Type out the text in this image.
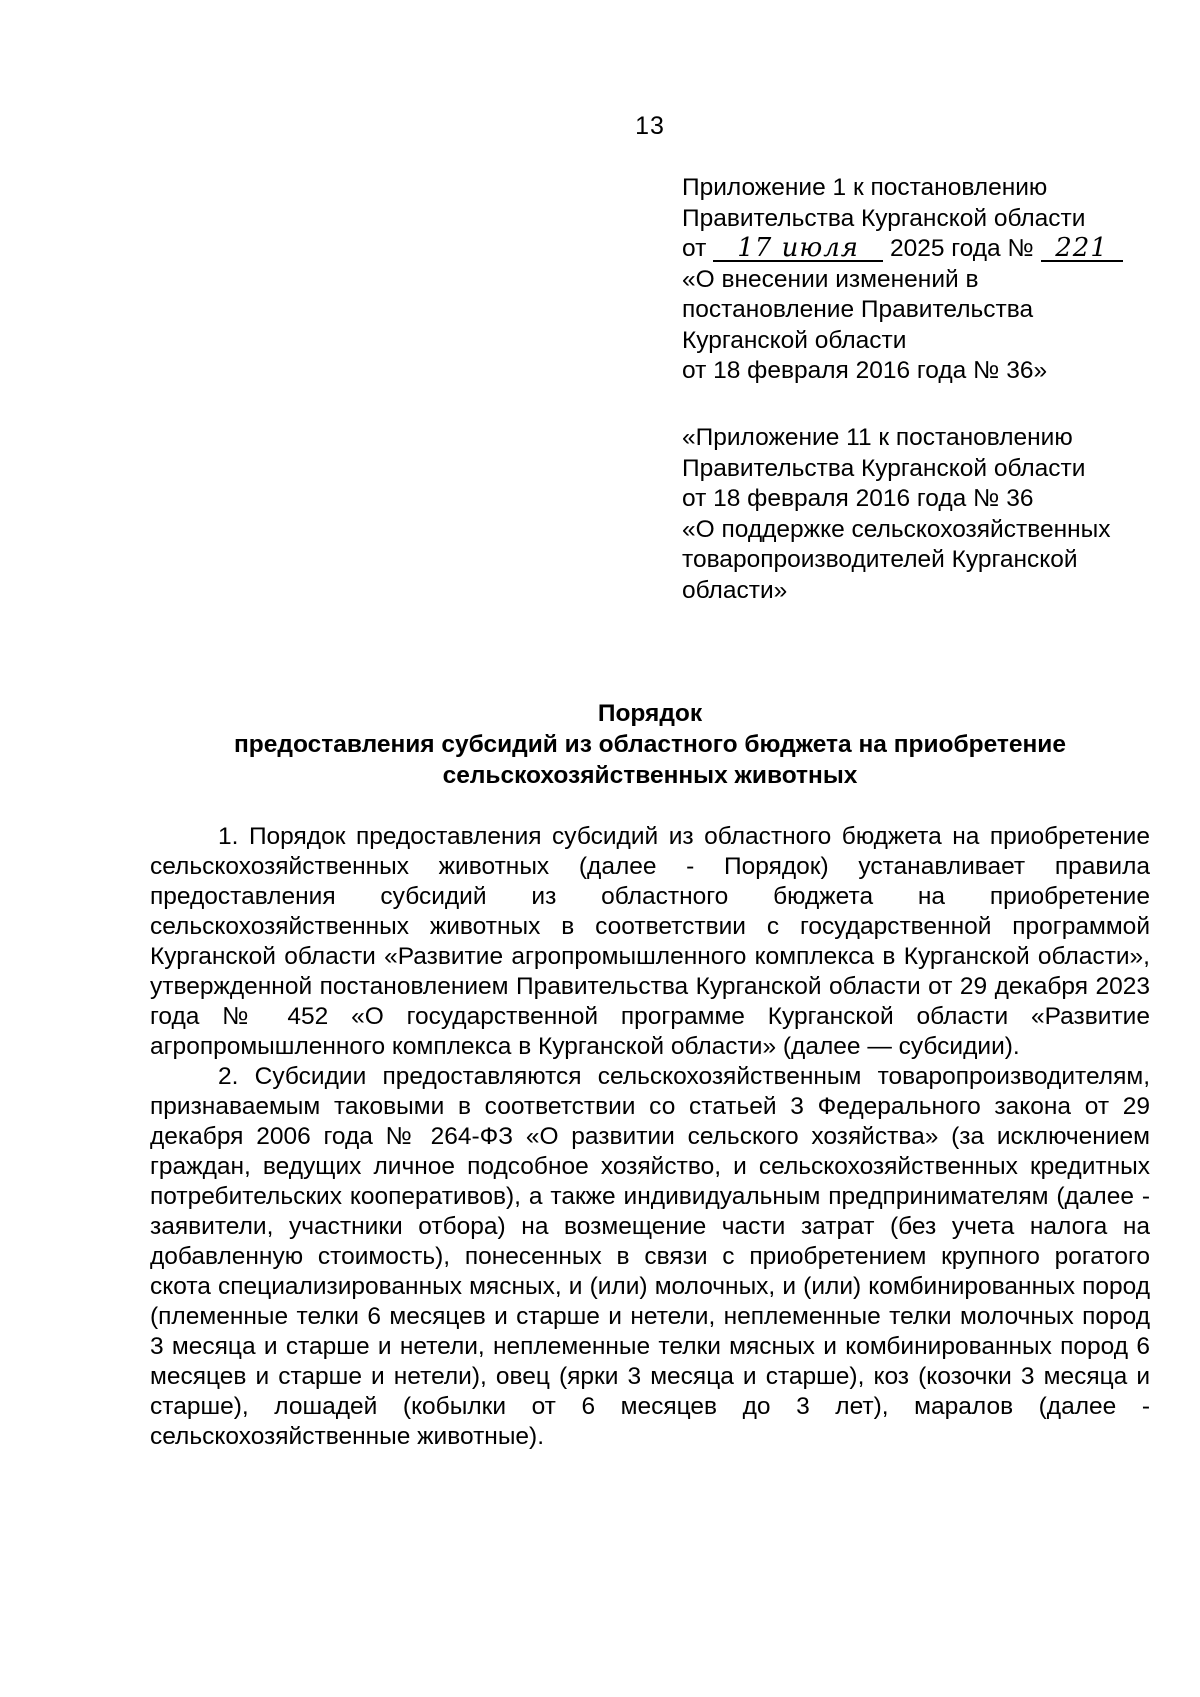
13
Приложение 1 к постановлению
Правительства Курганской области
от 17 июля 2025 года № 221
«О внесении изменений в
постановление Правительства
Курганской области
от 18 февраля 2016 года № 36»
«Приложение 11 к постановлению
Правительства Курганской области
от 18 февраля 2016 года № 36
«О поддержке сельскохозяйственных
товаропроизводителей Курганской
области»
Порядок
предоставления субсидий из областного бюджета на приобретение
сельскохозяйственных животных

1. Порядок предоставления субсидий из областного бюджета на приобретение сельскохозяйственных животных (далее - Порядок) устанавливает правила предоставления субсидий из областного бюджета на приобретение сельскохозяйственных животных в соответствии с государственной программой Курганской области «Развитие агропромышленного комплекса в Курганской области», утвержденной постановлением Правительства Курганской области от 29 декабря 2023 года № 452 «О государственной программе Курганской области «Развитие агропромышленного комплекса в Курганской области» (далее — субсидии).

2. Субсидии предоставляются сельскохозяйственным товаропроизводителям, признаваемым таковыми в соответствии со статьей 3 Федерального закона от 29 декабря 2006 года № 264-ФЗ «О развитии сельского хозяйства» (за исключением граждан, ведущих личное подсобное хозяйство, и сельскохозяйственных кредитных потребительских кооперативов), а также индивидуальным предпринимателям (далее - заявители, участники отбора) на возмещение части затрат (без учета налога на добавленную стоимость), понесенных в связи с приобретением крупного рогатого скота специализированных мясных, и (или) молочных, и (или) комбинированных пород (племенные телки 6 месяцев и старше и нетели, неплеменные телки молочных пород 3 месяца и старше и нетели, неплеменные телки мясных и комбинированных пород 6 месяцев и старше и нетели), овец (ярки 3 месяца и старше), коз (козочки 3 месяца и старше), лошадей (кобылки от 6 месяцев до 3 лет), маралов (далее - сельскохозяйственные животные).
